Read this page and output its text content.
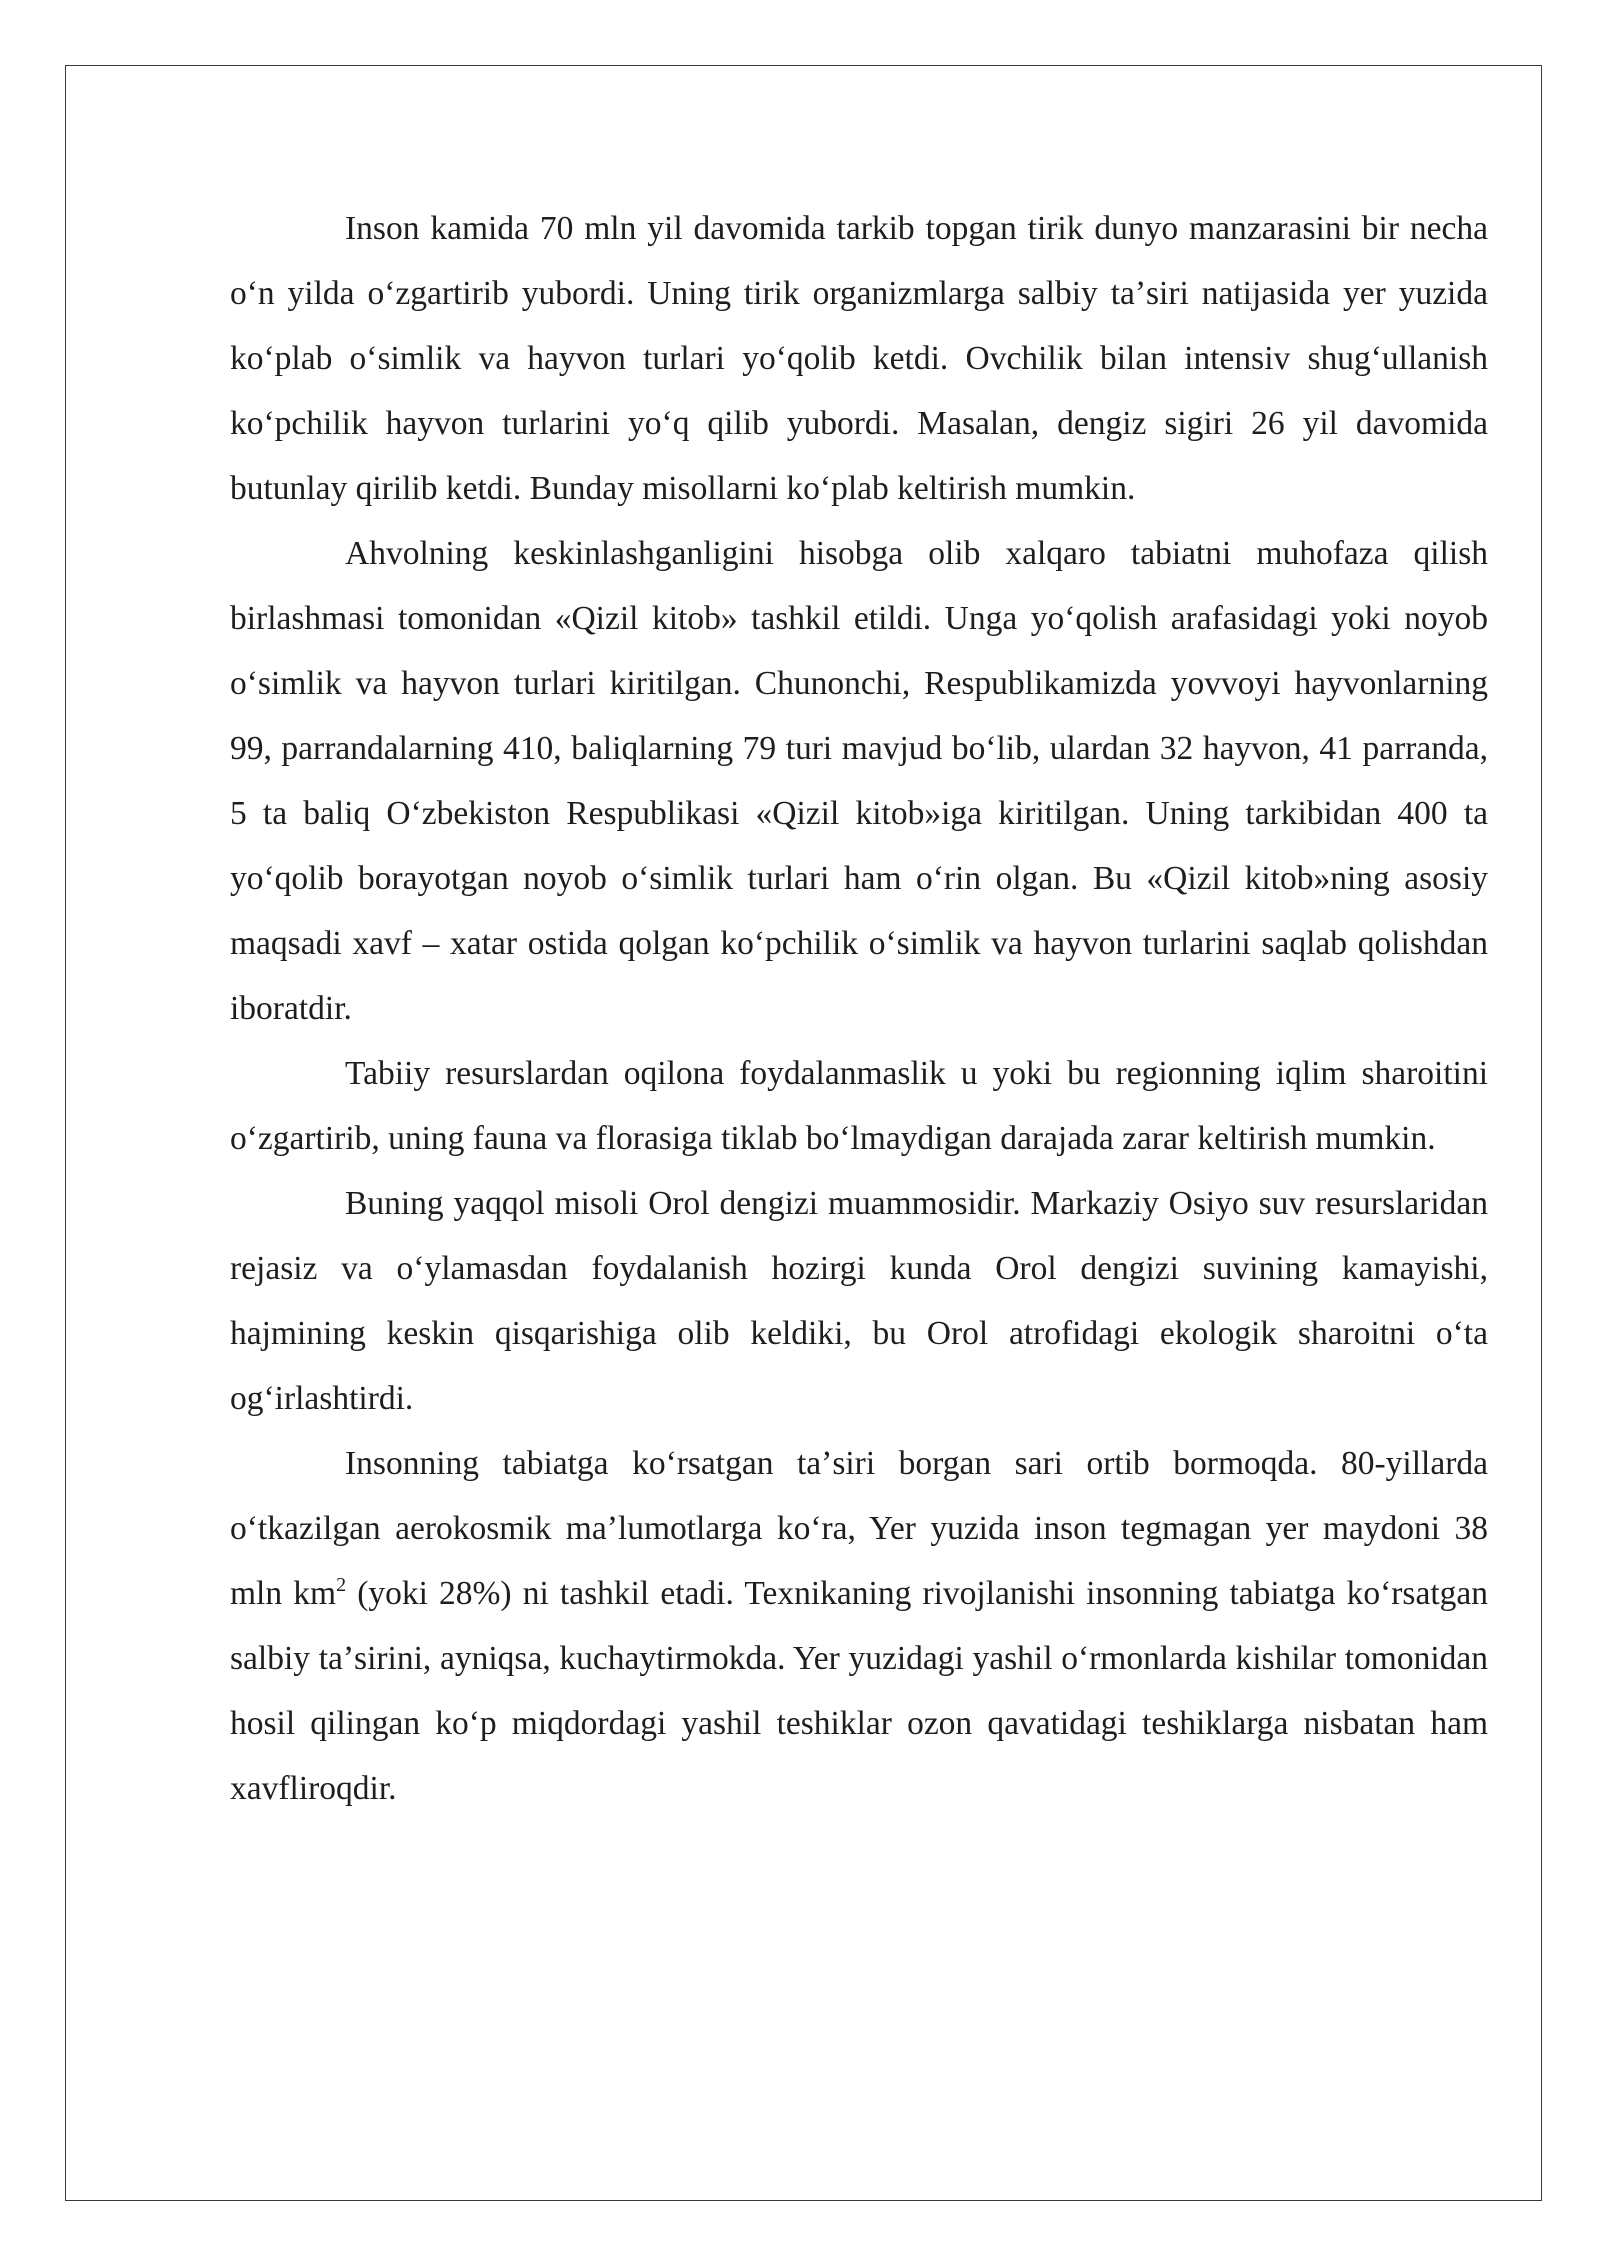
Inson kamida 70 mln yil davomida tarkib topgan tirik dunyo manzarasini bir necha oʻn yilda oʻzgartirib yubordi. Uning tirik organizmlarga salbiy taʼsiri natijasida yer yuzida koʻplab oʻsimlik va hayvon turlari yoʻqolib ketdi. Ovchilik bilan intensiv shugʻullanish koʻpchilik hayvon turlarini yoʻq qilib yubordi. Masalan, dengiz sigiri 26 yil davomida butunlay qirilib ketdi. Bunday misollarni koʻplab keltirish mumkin.

Ahvolning keskinlashganligini hisobga olib xalqaro tabiatni muhofaza qilish birlashmasi tomonidan «Qizil kitob» tashkil etildi. Unga yoʻqolish arafasidagi yoki noyob oʻsimlik va hayvon turlari kiritilgan. Chunonchi, Respublikamizda yovvoyi hayvonlarning 99, parrandalarning 410, baliqlarning 79 turi mavjud boʻlib, ulardan 32 hayvon, 41 parranda, 5 ta baliq Oʻzbekiston Respublikasi «Qizil kitob»iga kiritilgan. Uning tarkibidan 400 ta yoʻqolib borayotgan noyob oʻsimlik turlari ham oʻrin olgan. Bu «Qizil kitob»ning asosiy maqsadi xavf – xatar ostida qolgan koʻpchilik oʻsimlik va hayvon turlarini saqlab qolishdan iboratdir.

Tabiiy resurslardan oqilona foydalanmaslik u yoki bu regionning iqlim sharoitini oʻzgartirib, uning fauna va florasiga tiklab boʻlmaydigan darajada zarar keltirish mumkin.

Buning yaqqol misoli Orol dengizi muammosidir. Markaziy Osiyo suv resurslaridan rejasiz va oʻylamasdan foydalanish hozirgi kunda Orol dengizi suvining kamayishi, hajmining keskin qisqarishiga olib keldiki, bu Orol atrofidagi ekologik sharoitni oʻta ogʻirlashtirdi.

Insonning tabiatga koʻrsatgan taʼsiri borgan sari ortib bormoqda. 80-yillarda oʻtkazilgan aerokosmik maʼlumotlarga koʻra, Yer yuzida inson tegmagan yer maydoni 38 mln $km^2$ (yoki 28%) ni tashkil etadi. Texnikaning rivojlanishi insonning tabiatga koʻrsatgan salbiy taʼsirini, ayniqsa, kuchaytirmokda. Yer yuzidagi yashil oʻrmonlarda kishilar tomonidan hosil qilingan koʻp miqdordagi yashil teshiklar ozon qavatidagi teshiklarga nisbatan ham xavfliroqdir.
